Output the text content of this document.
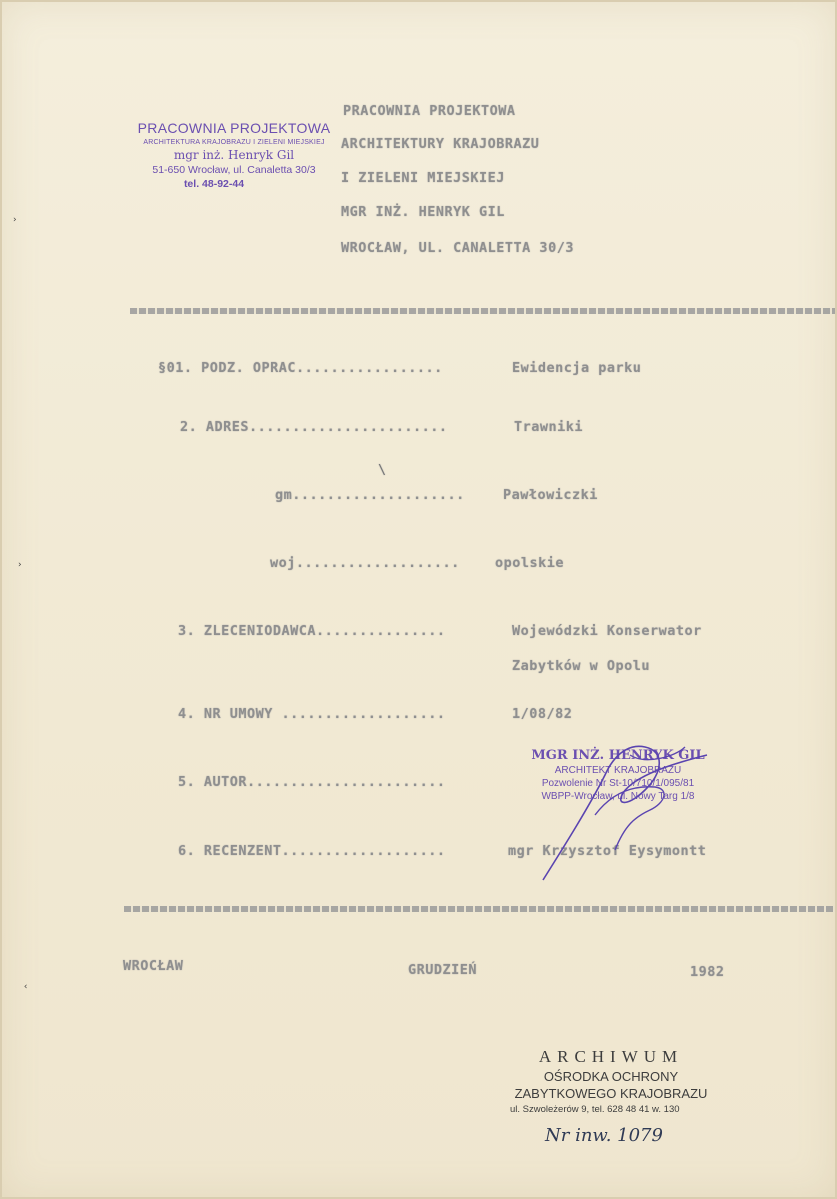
PRACOWNIA PROJEKTOWA
ARCHITEKTURA KRAJOBRAZU I ZIELENI MIEJSKIEJ
mgr inż. Henryk Gil
51-650 Wrocław, ul. Canaletta 30/3
tel. 48-92-44
PRACOWNIA PROJEKTOWA
ARCHITEKTURY KRAJOBRAZU
I ZIELENI MIEJSKIEJ
MGR INŻ. HENRYK GIL
WROCŁAW, UL. CANALETTA 30/3
§01. PODZ. OPRAC.................	Ewidencja parku
2. ADRES.......................	Trawniki
gm....................	Pawłowiczki
woj...................	opolskie
3. ZLECENIODAWCA...............	Wojewódzki Konserwator
Zabytków w Opolu
4. NR UMOWY ...................	1/08/82
5. AUTOR.......................
6. RECENZENT...................	mgr Krzysztof Eysymontt
MGR INŻ. HENRYK GIL
ARCHITEKT KRAJOBRAZU
Pozwolenie Nr St-10/710/1/095/81
WBPP-Wrocław, ul. Nowy Targ 1/8
WROCŁAW	GRUDZIEŃ	1982
ARCHIWUM
OŚRODKA OCHRONY
ZABYTKOWEGO KRAJOBRAZU
ul. Szwoleżerów 9, tel. 628 48 41 w. 130
Nr inw. 1079
›
›
‹
\
